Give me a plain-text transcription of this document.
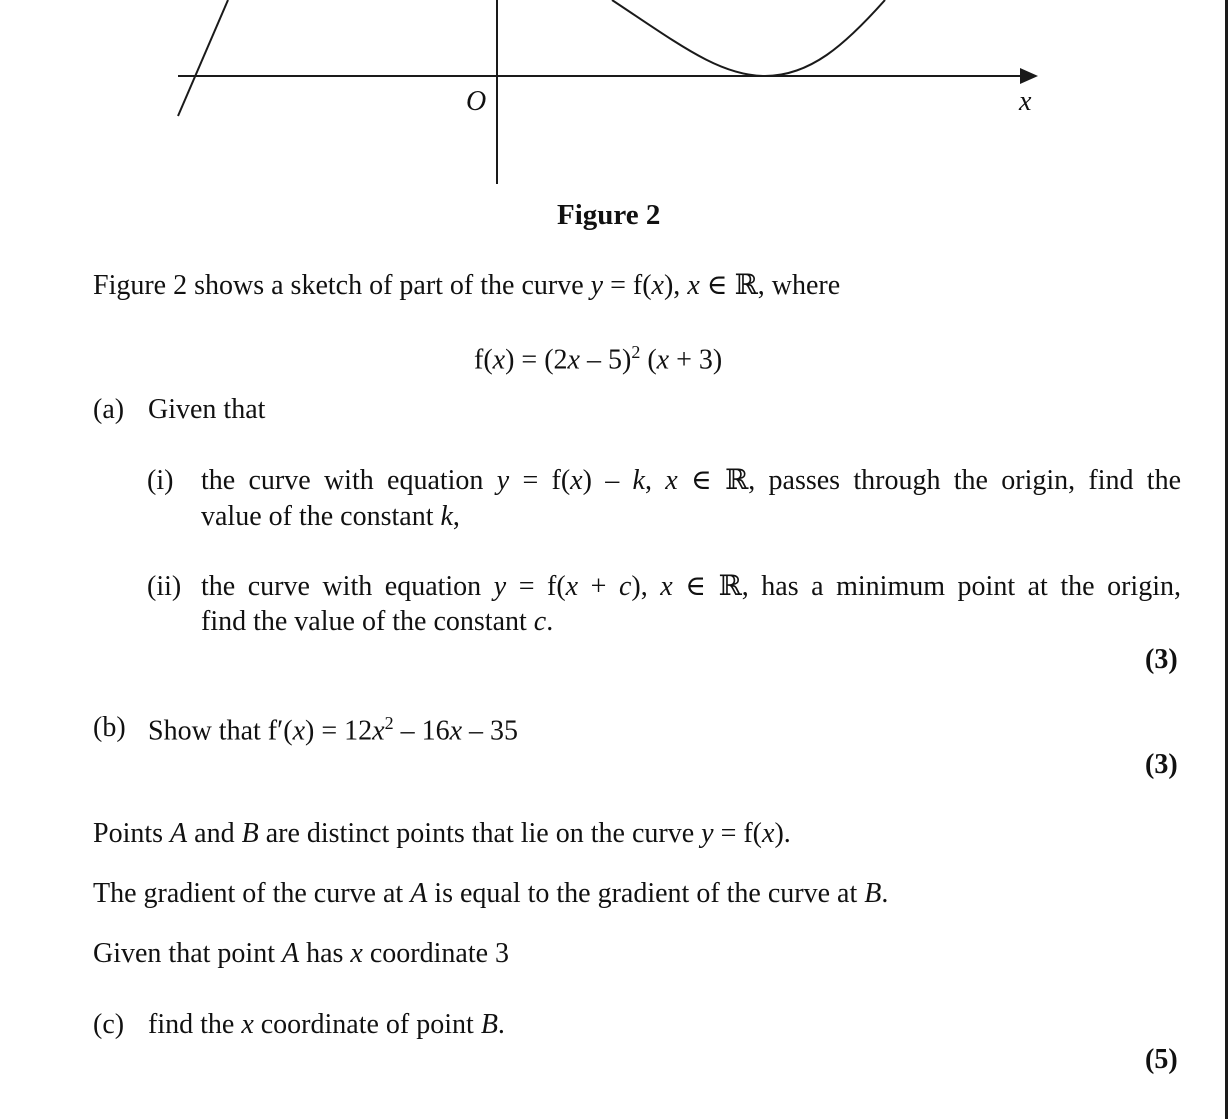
O	x
Figure 2
Figure 2 shows a sketch of part of the curve y = f(x), x ∈ ℝ, where
f(x) = (2x – 5)$^2$ (x + 3)
(a) Given that
(i) the curve with equation y = f(x) – k, x ∈ ℝ, passes through the origin, find the
value of the constant k,
(ii) the curve with equation y = f(x + c), x ∈ ℝ, has a minimum point at the origin,
find the value of the constant c.
(3)
(b) Show that $f'(x) = 12x^2 - 16x - 35$
(3)
Points A and B are distinct points that lie on the curve y = f(x).
The gradient of the curve at A is equal to the gradient of the curve at B.
Given that point A has x coordinate 3
(c) find the x coordinate of point B.
(5)
